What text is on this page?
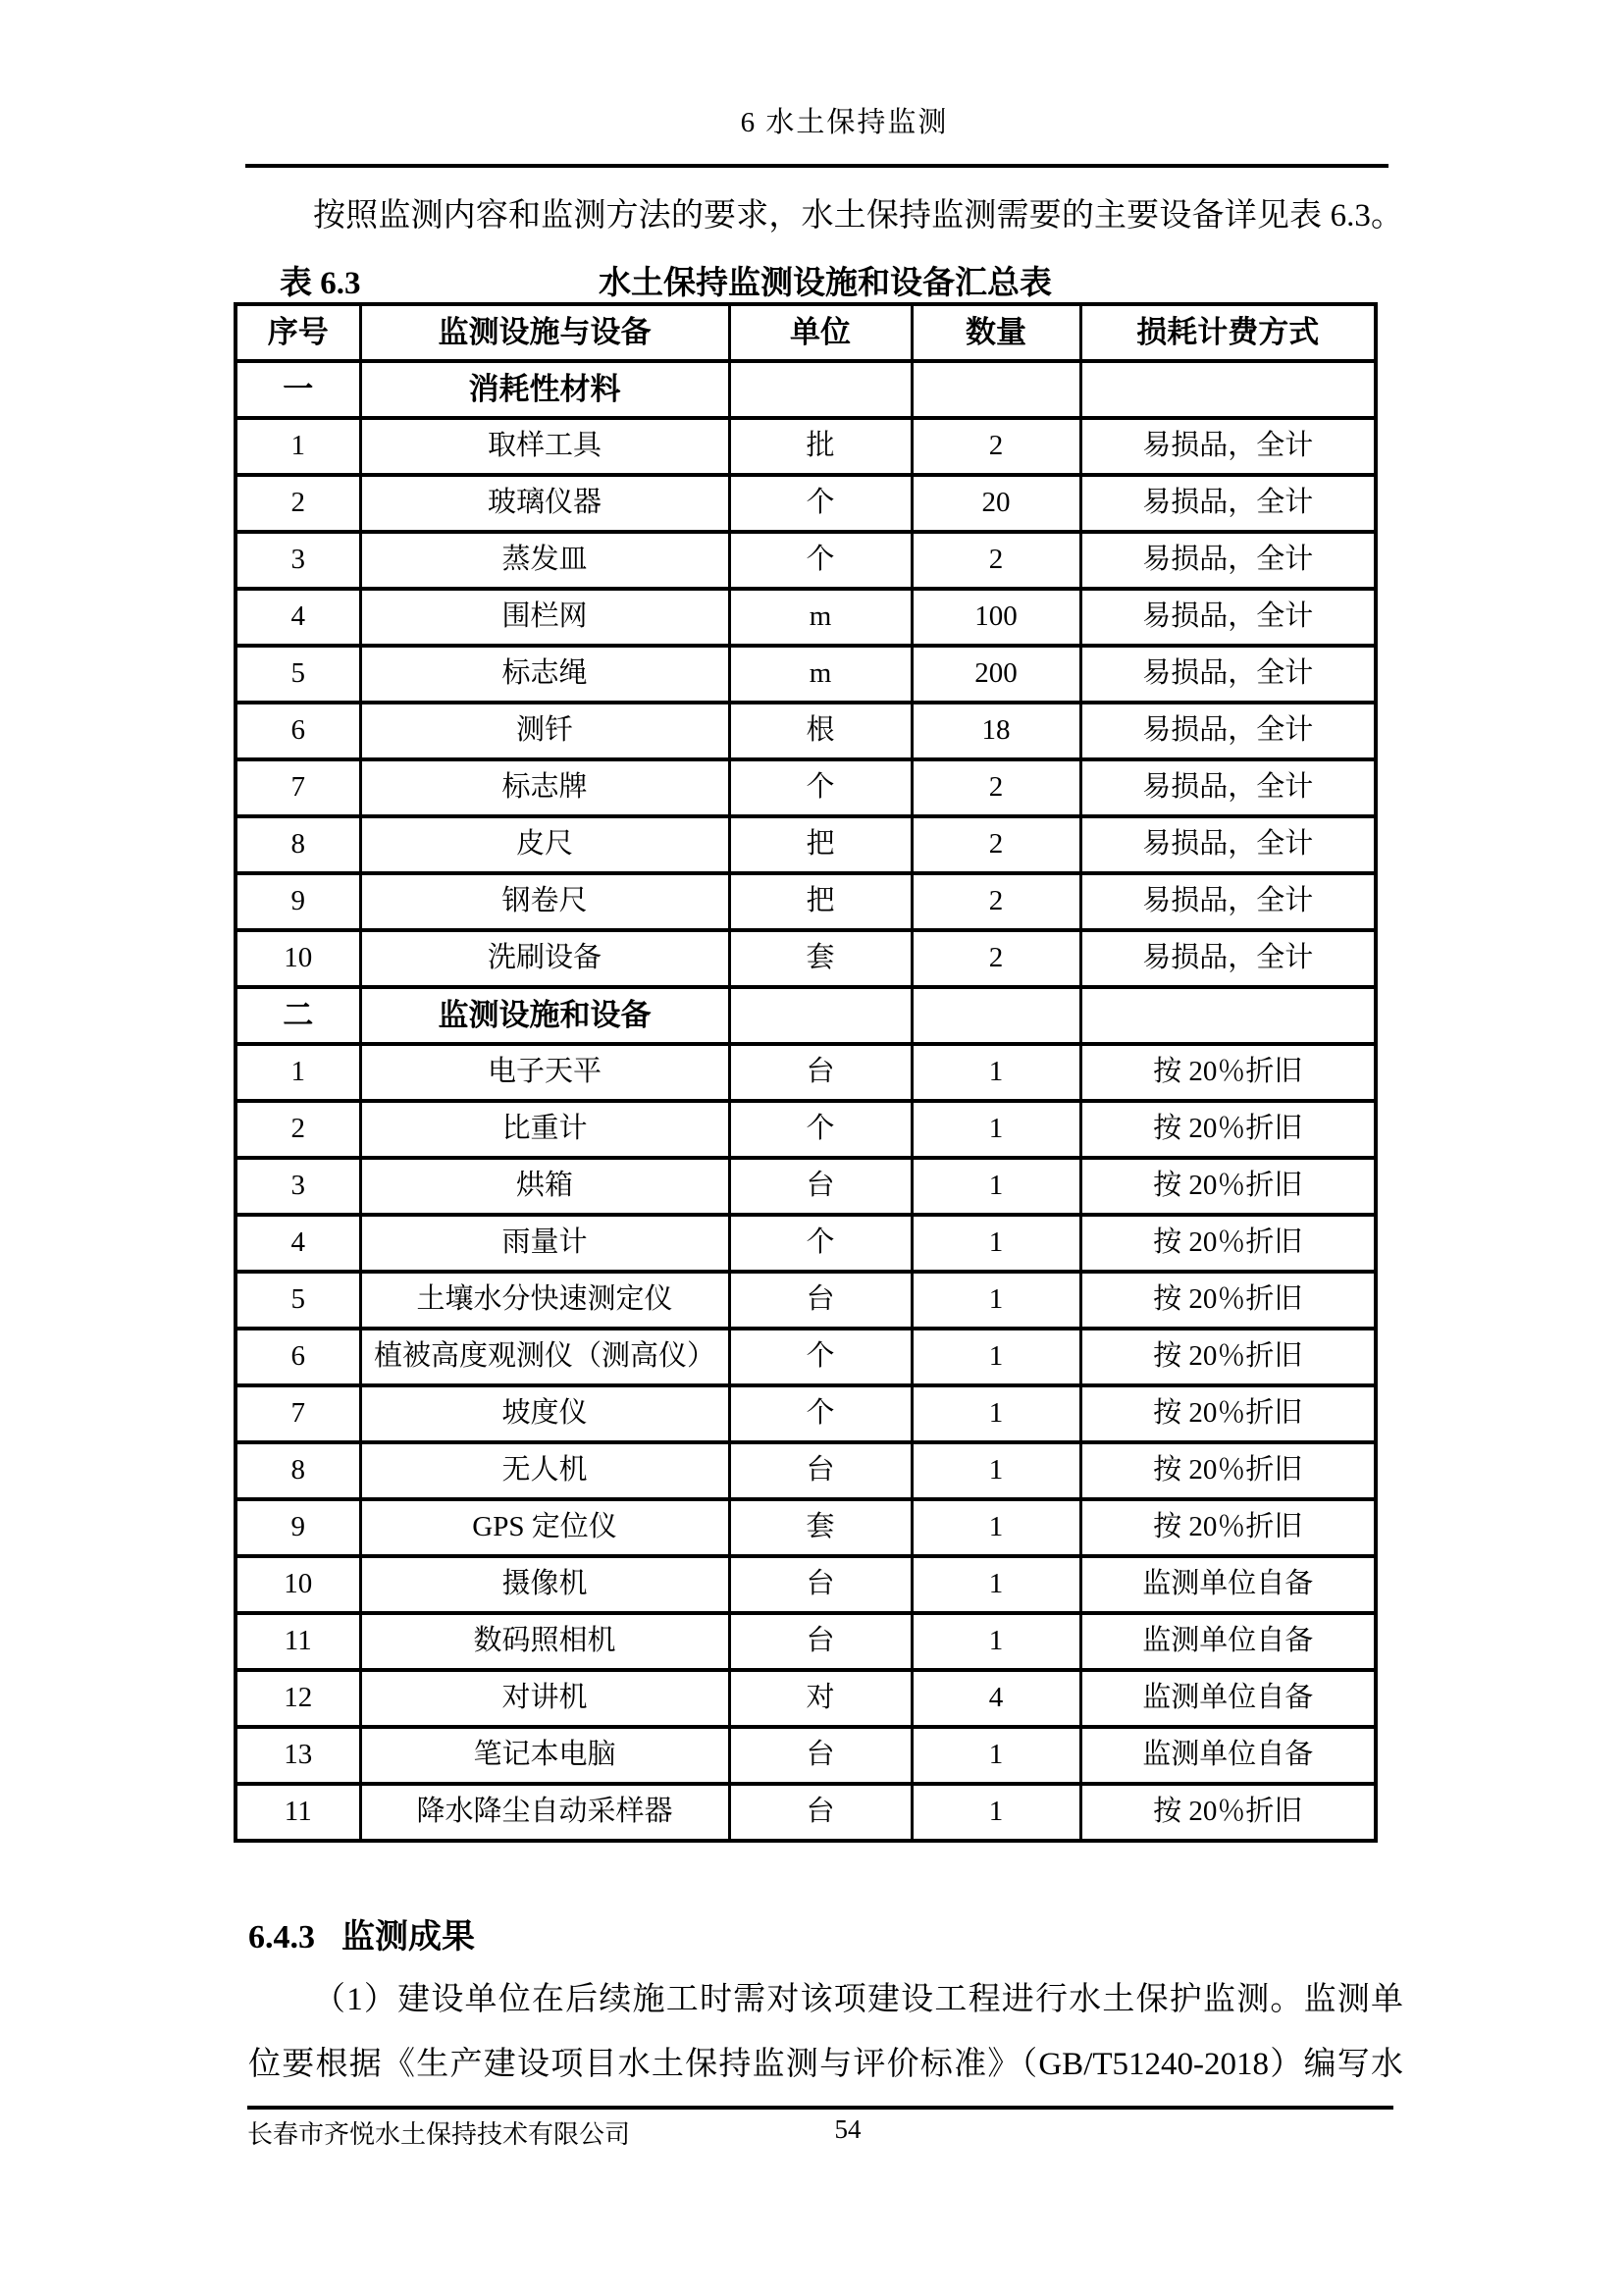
6 水土保持监测
按照监测内容和监测方法的要求，水土保持监测需要的主要设备详见表 6.3。
表 6.3	水土保持监测设施和设备汇总表
序号	监测设施与设备	单位	数量	损耗计费方式
一	消耗性材料			
1	取样工具	批	2	易损品，全计
2	玻璃仪器	个	20	易损品，全计
3	蒸发皿	个	2	易损品，全计
4	围栏网	m	100	易损品，全计
5	标志绳	m	200	易损品，全计
6	测钎	根	18	易损品，全计
7	标志牌	个	2	易损品，全计
8	皮尺	把	2	易损品，全计
9	钢卷尺	把	2	易损品，全计
10	洗刷设备	套	2	易损品，全计
二	监测设施和设备			
1	电子天平	台	1	按 20％折旧
2	比重计	个	1	按 20％折旧
3	烘箱	台	1	按 20％折旧
4	雨量计	个	1	按 20％折旧
5	土壤水分快速测定仪	台	1	按 20％折旧
6	植被高度观测仪（测高仪）	个	1	按 20％折旧
7	坡度仪	个	1	按 20％折旧
8	无人机	台	1	按 20％折旧
9	GPS 定位仪	套	1	按 20％折旧
10	摄像机	台	1	监测单位自备
11	数码照相机	台	1	监测单位自备
12	对讲机	对	4	监测单位自备
13	笔记本电脑	台	1	监测单位自备
11	降水降尘自动采样器	台	1	按 20％折旧
6.4.3 监测成果
（1）建设单位在后续施工时需对该项建设工程进行水土保护监测。监测单
位要根据《生产建设项目水土保持监测与评价标准》（GB/T51240-2018）编写水
长春市齐悦水土保持技术有限公司	54
